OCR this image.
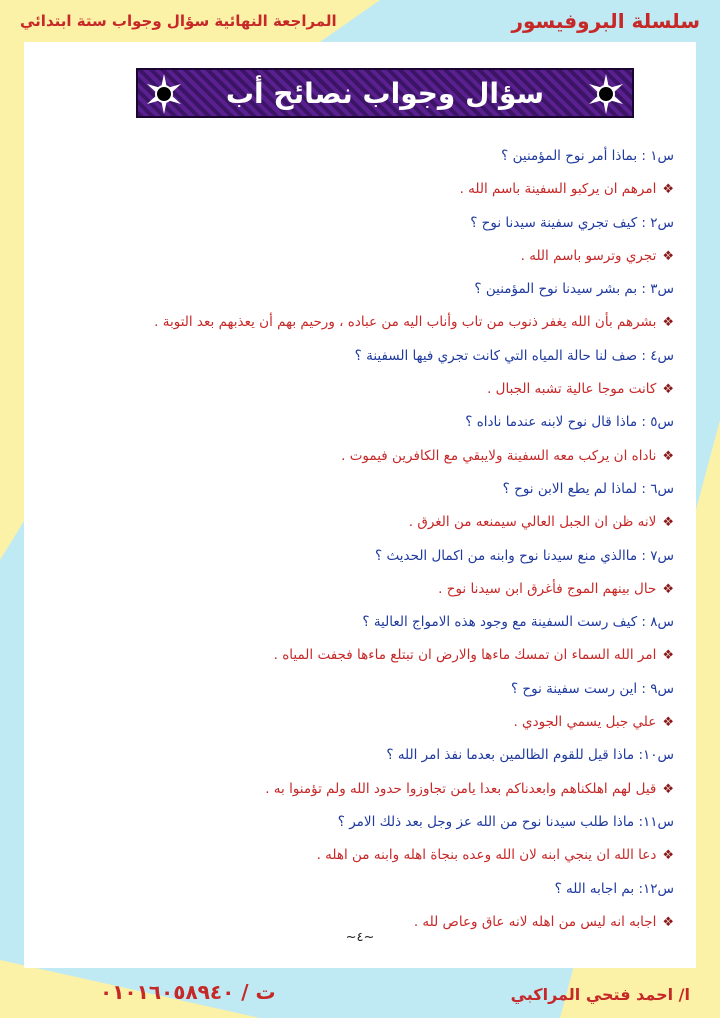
سلسلة البروفيسور
المراجعة النهائية سؤال وجواب ستة ابتدائي
سؤال وجواب نصائح أب
س١ : بماذا أمر نوح المؤمنين ؟
❖امرهم ان يركبو السفينة باسم الله .
س٢ : كيف تجري سفينة سيدنا نوح ؟
❖تجري وترسو باسم الله .
س٣ : بم بشر سيدنا نوح المؤمنين ؟
❖بشرهم بأن الله يغفر ذنوب من تاب وأناب اليه من عباده ، ورحيم بهم أن يعذبهم بعد التوبة .
س٤ : صف لنا حالة المياه التي كانت تجري فيها السفينة ؟
❖كانت موجا عالية تشبه الجبال .
س٥ : ماذا قال نوح لابنه عندما ناداه ؟
❖ناداه ان يركب معه السفينة ولايبقي مع الكافرين فيموت .
س٦ : لماذا لم يطع الابن نوح ؟
❖لانه ظن ان الجبل العالي سيمنعه من الغرق .
س٧ : ماالذي منع سيدنا نوح وابنه من اكمال الحديث ؟
❖حال بينهم الموج فأغرق ابن سيدنا نوح .
س٨ : كيف رست السفينة مع وجود هذه الامواج العالية ؟
❖امر الله السماء ان تمسك ماءها والارض ان تبتلع ماءها فجفت المياه .
س٩ : اين رست سفينة نوح ؟
❖علي جبل يسمي الجودي .
س١٠: ماذا قيل للقوم الظالمين بعدما نفذ امر الله ؟
❖قيل لهم اهلكناهم وابعدناكم بعدا يامن تجاوزوا حدود الله ولم تؤمنوا به .
س١١: ماذا طلب سيدنا نوح من الله عز وجل بعد ذلك الامر ؟
❖دعا الله ان ينجي ابنه لان الله وعده بنجاة اهله وابنه من اهله .
س١٢: بم اجابه الله ؟
❖اجابه انه ليس من اهله لانه عاق وعاص لله .
~٤~
ا/ احمد فتحي المراكبي
ت / ٠١٠١٦٠٥٨٩٤٠
